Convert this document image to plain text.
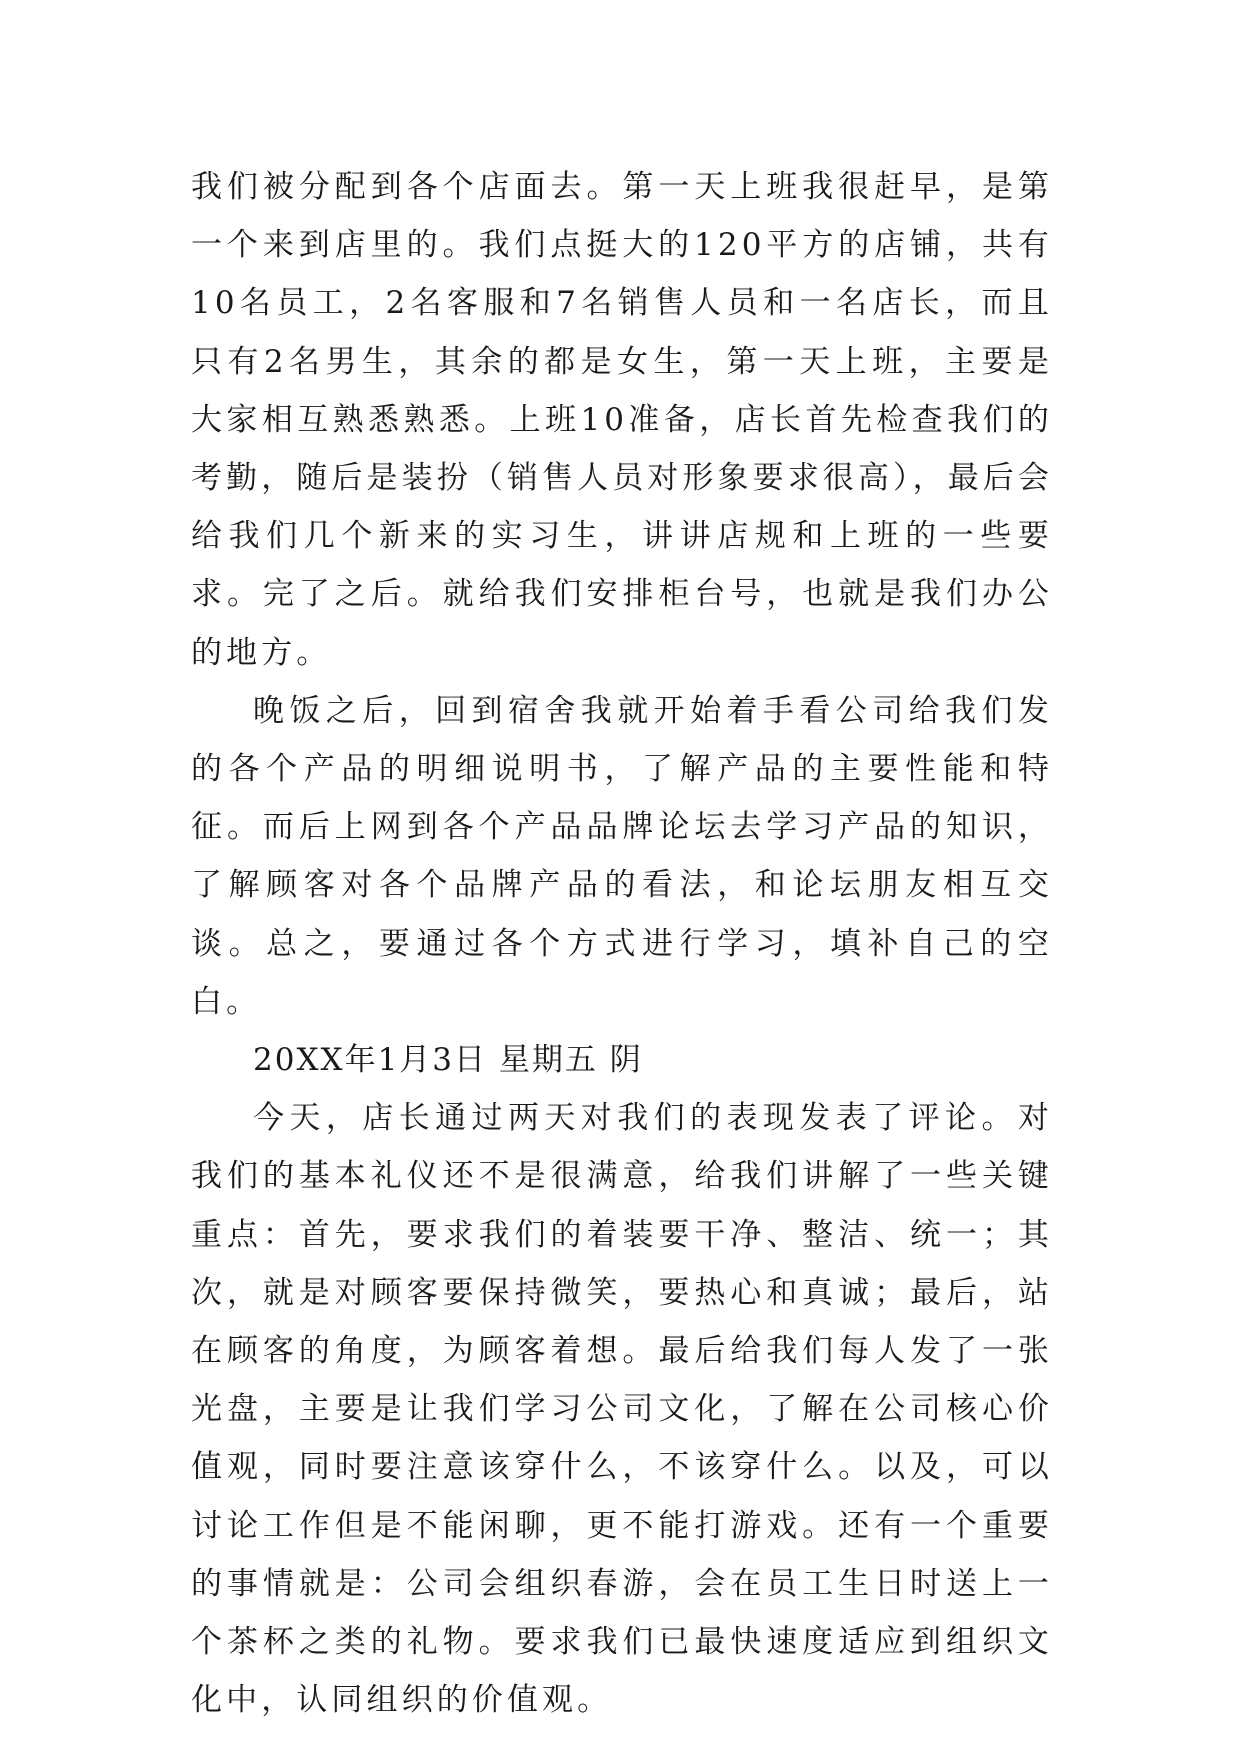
我们被分配到各个店面去。第一天上班我很赶早，是第一个来到店里的。我们点挺大的120平方的店铺，共有10名员工，2名客服和7名销售人员和一名店长，而且只有2名男生，其余的都是女生，第一天上班，主要是大家相互熟悉熟悉。上班10准备，店长首先检查我们的考勤，随后是装扮（销售人员对形象要求很高），最后会给我们几个新来的实习生，讲讲店规和上班的一些要求。完了之后。就给我们安排柜台号，也就是我们办公的地方。

晚饭之后，回到宿舍我就开始着手看公司给我们发的各个产品的明细说明书，了解产品的主要性能和特征。而后上网到各个产品品牌论坛去学习产品的知识，了解顾客对各个品牌产品的看法，和论坛朋友相互交谈。总之，要通过各个方式进行学习，填补自己的空白。

20XX年1月3日 星期五 阴

今天，店长通过两天对我们的表现发表了评论。对我们的基本礼仪还不是很满意，给我们讲解了一些关键重点：首先，要求我们的着装要干净、整洁、统一；其次，就是对顾客要保持微笑，要热心和真诚；最后，站在顾客的角度，为顾客着想。最后给我们每人发了一张光盘，主要是让我们学习公司文化，了解在公司核心价值观，同时要注意该穿什么，不该穿什么。以及，可以讨论工作但是不能闲聊，更不能打游戏。还有一个重要的事情就是：公司会组织春游，会在员工生日时送上一个茶杯之类的礼物。要求我们已最快速度适应到组织文化中，认同组织的价值观。
